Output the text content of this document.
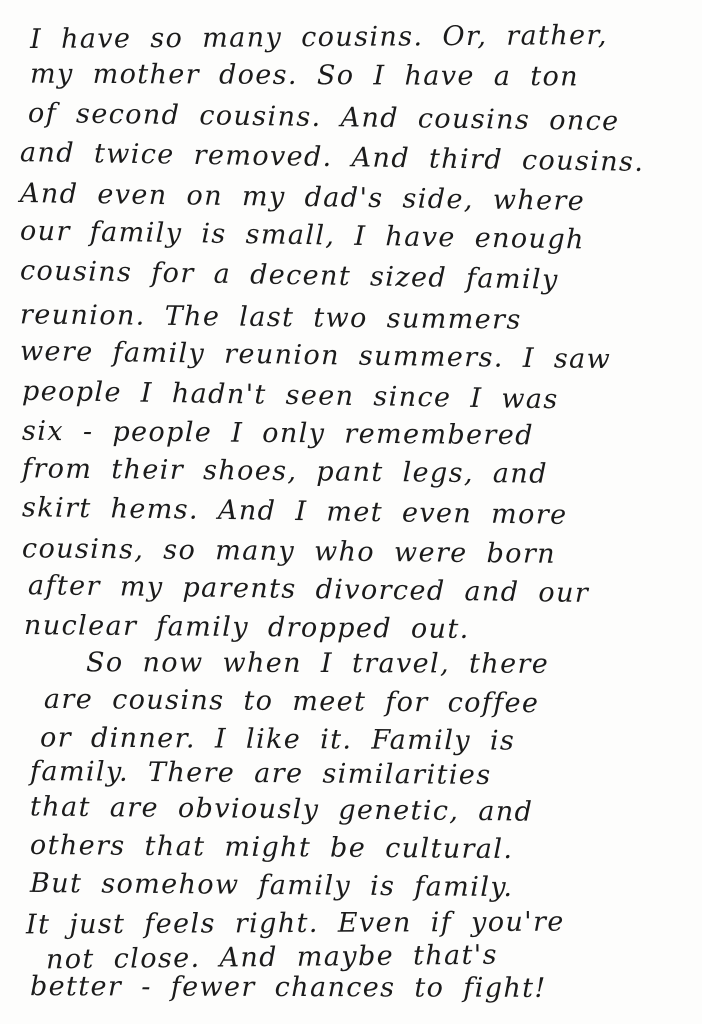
I have so many cousins. Or, rather,
my mother does. So I have a ton
of second cousins. And cousins once
and twice removed. And third cousins.
And even on my dad's side, where
our family is small, I have enough
cousins for a decent sized family
reunion. The last two summers
were family reunion summers. I saw
people I hadn't seen since I was
six - people I only remembered
from their shoes, pant legs, and
skirt hems. And I met even more
cousins, so many who were born
after my parents divorced and our
nuclear family dropped out.
So now when I travel, there
are cousins to meet for coffee
or dinner. I like it. Family is
family. There are similarities
that are obviously genetic, and
others that might be cultural.
But somehow family is family.
It just feels right. Even if you're
not close. And maybe that's
better - fewer chances to fight!
